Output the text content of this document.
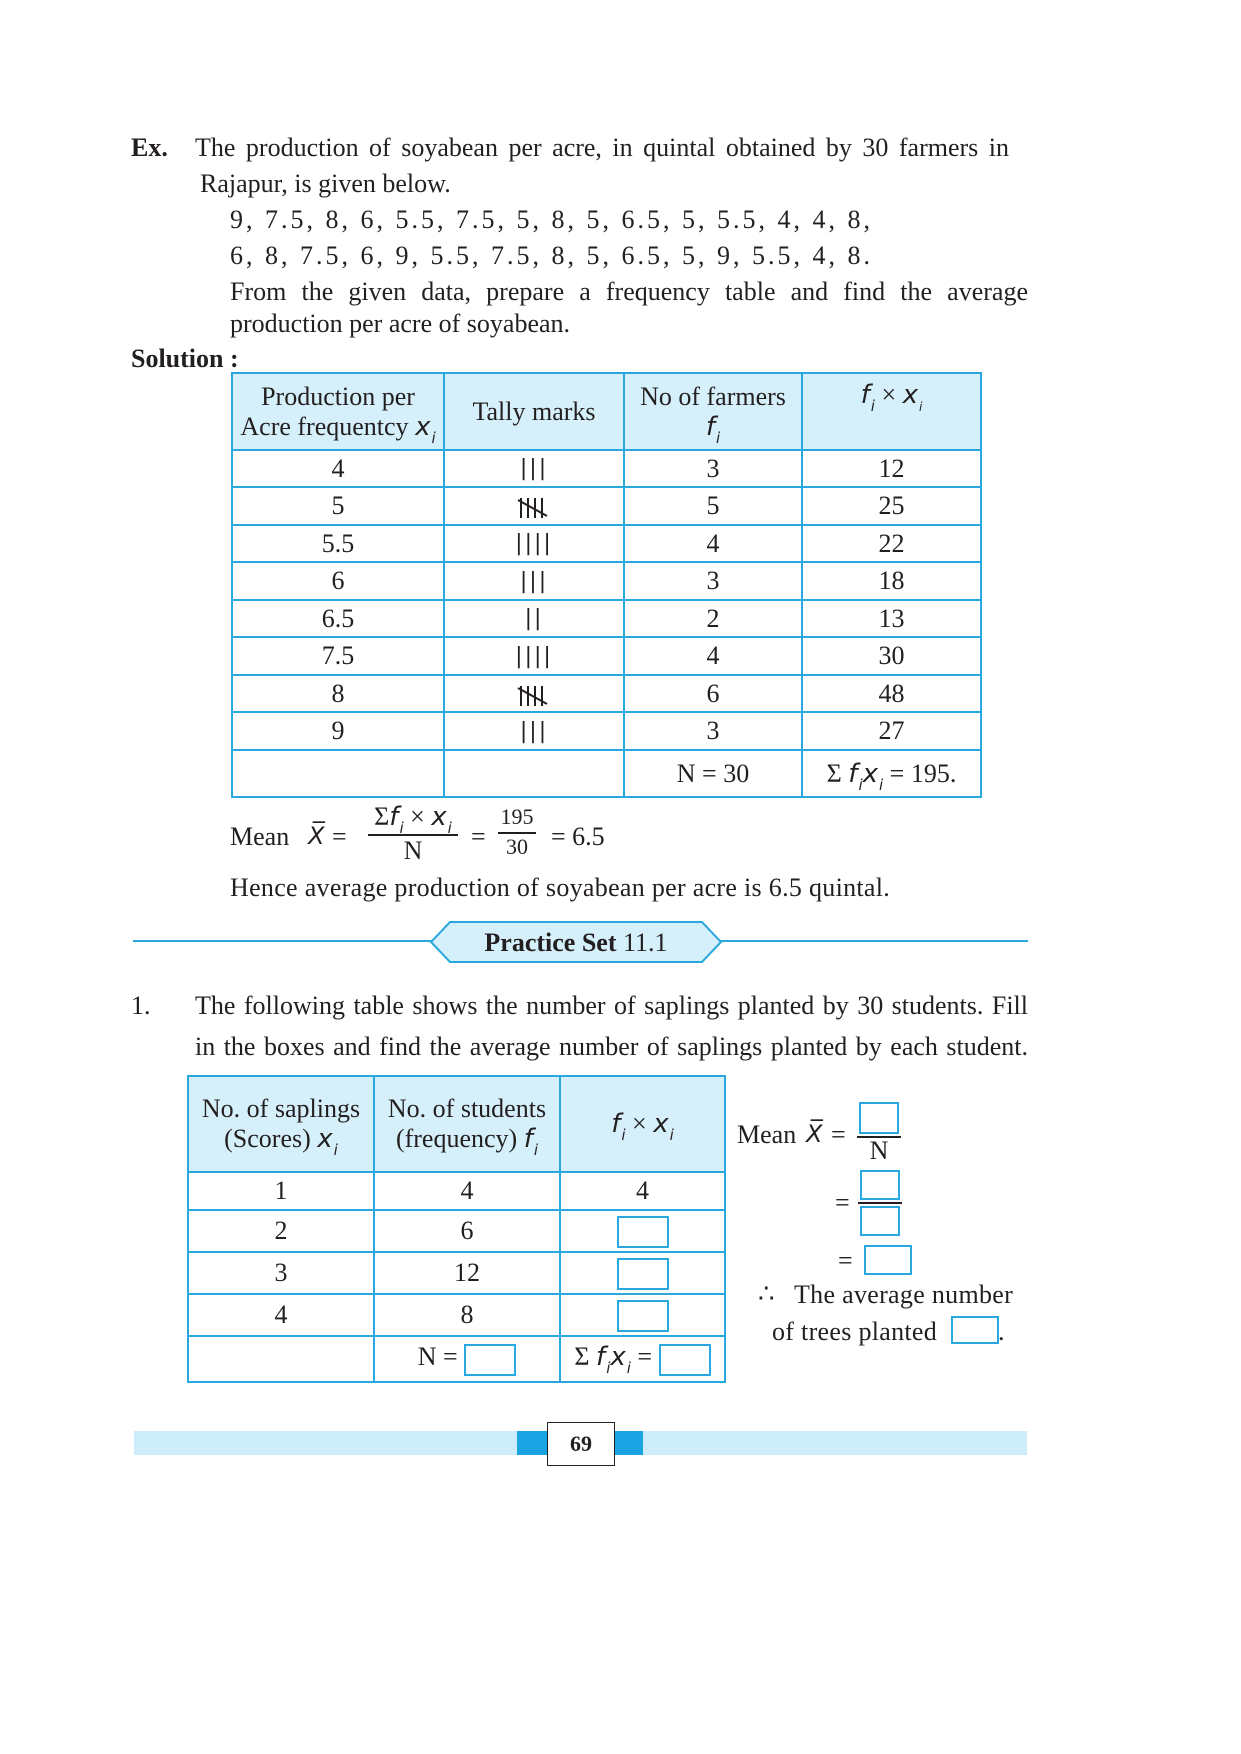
Ex. The production of soyabean per acre, in quintal obtained by 30 farmers in
Rajapur, is given below.
9, 7.5, 8, 6, 5.5, 7.5, 5, 8, 5, 6.5, 5, 5.5, 4, 4, 8,
6, 8, 7.5, 6, 9, 5.5, 7.5, 8, 5, 6.5, 5, 9, 5.5, 4, 8.
From the given data, prepare a frequency table and find the average
production per acre of soyabean.
Solution :
Production per
Acre frequentcy $x_i$	Tally marks	No of farmers
$f_i$	$f_i \times x_i$
4	|||	3	12
5		5	25
5.5	||||	4	22
6	|||	3	18
6.5	||	2	13
7.5	||||	4	30
8		6	48
9	|||	3	27
		N = 30	Σ $f_ix_i = 195$.
Mean X̅ =
$\Sigma f_i \times x_i$
N	=
195
30 = 6.5
Hence average production of soyabean per acre is 6.5 quintal.
Practice Set 11.1
1. The following table shows the number of saplings planted by 30 students. Fill
in the boxes and find the average number of saplings planted by each student.
No. of saplings
(Scores) $x_i$	No. of students
(frequency) $f_i$	$f_i \times x_i$
1	4	4
2	6	
3	12	
4	8	
	N =	Σ $f_ix_i$ =
Mean X̅ =
N
=
=
∴ The average number
of trees planted .
69
